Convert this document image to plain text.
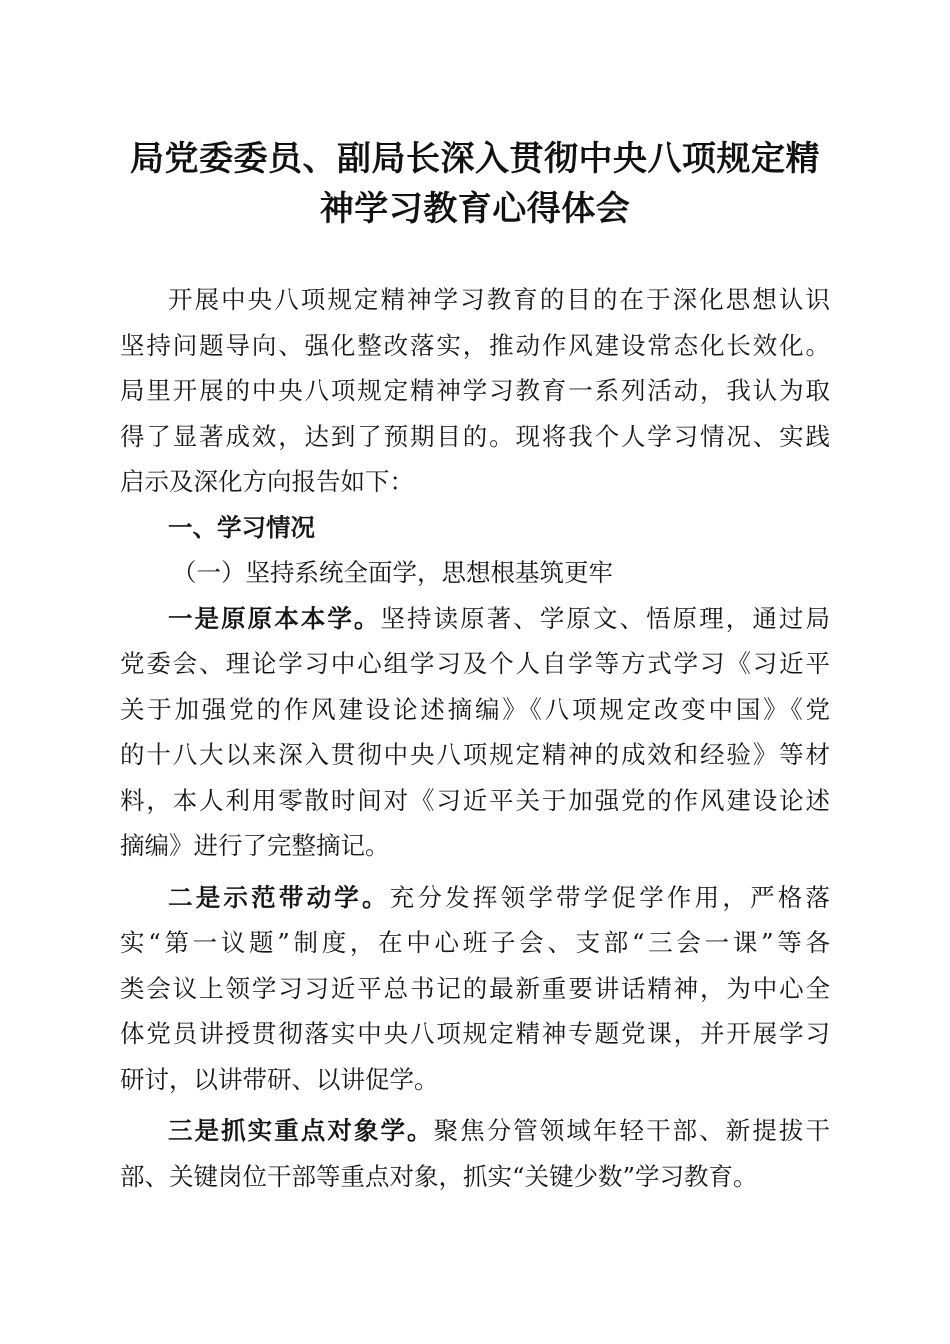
局党委委员、副局长深入贯彻中央八项规定精
神学习教育心得体会
开展中央八项规定精神学习教育的目的在于深化思想认识
坚持问题导向、强化整改落实，推动作风建设常态化长效化。
局里开展的中央八项规定精神学习教育一系列活动，我认为取
得了显著成效，达到了预期目的。现将我个人学习情况、实践
启示及深化方向报告如下：
一、学习情况
（一）坚持系统全面学，思想根基筑更牢
一是原原本本学。坚持读原著、学原文、悟原理，通过局
党委会、理论学习中心组学习及个人自学等方式学习《习近平
关于加强党的作风建设论述摘编》《八项规定改变中国》《党
的十八大以来深入贯彻中央八项规定精神的成效和经验》等材
料，本人利用零散时间对《习近平关于加强党的作风建设论述
摘编》进行了完整摘记。
二是示范带动学。充分发挥领学带学促学作用，严格落
实“第一议题”制度，在中心班子会、支部“三会一课”等各
类会议上领学习习近平总书记的最新重要讲话精神，为中心全
体党员讲授贯彻落实中央八项规定精神专题党课，并开展学习
研讨，以讲带研、以讲促学。
三是抓实重点对象学。聚焦分管领域年轻干部、新提拔干
部、关键岗位干部等重点对象，抓实“关键少数”学习教育。
